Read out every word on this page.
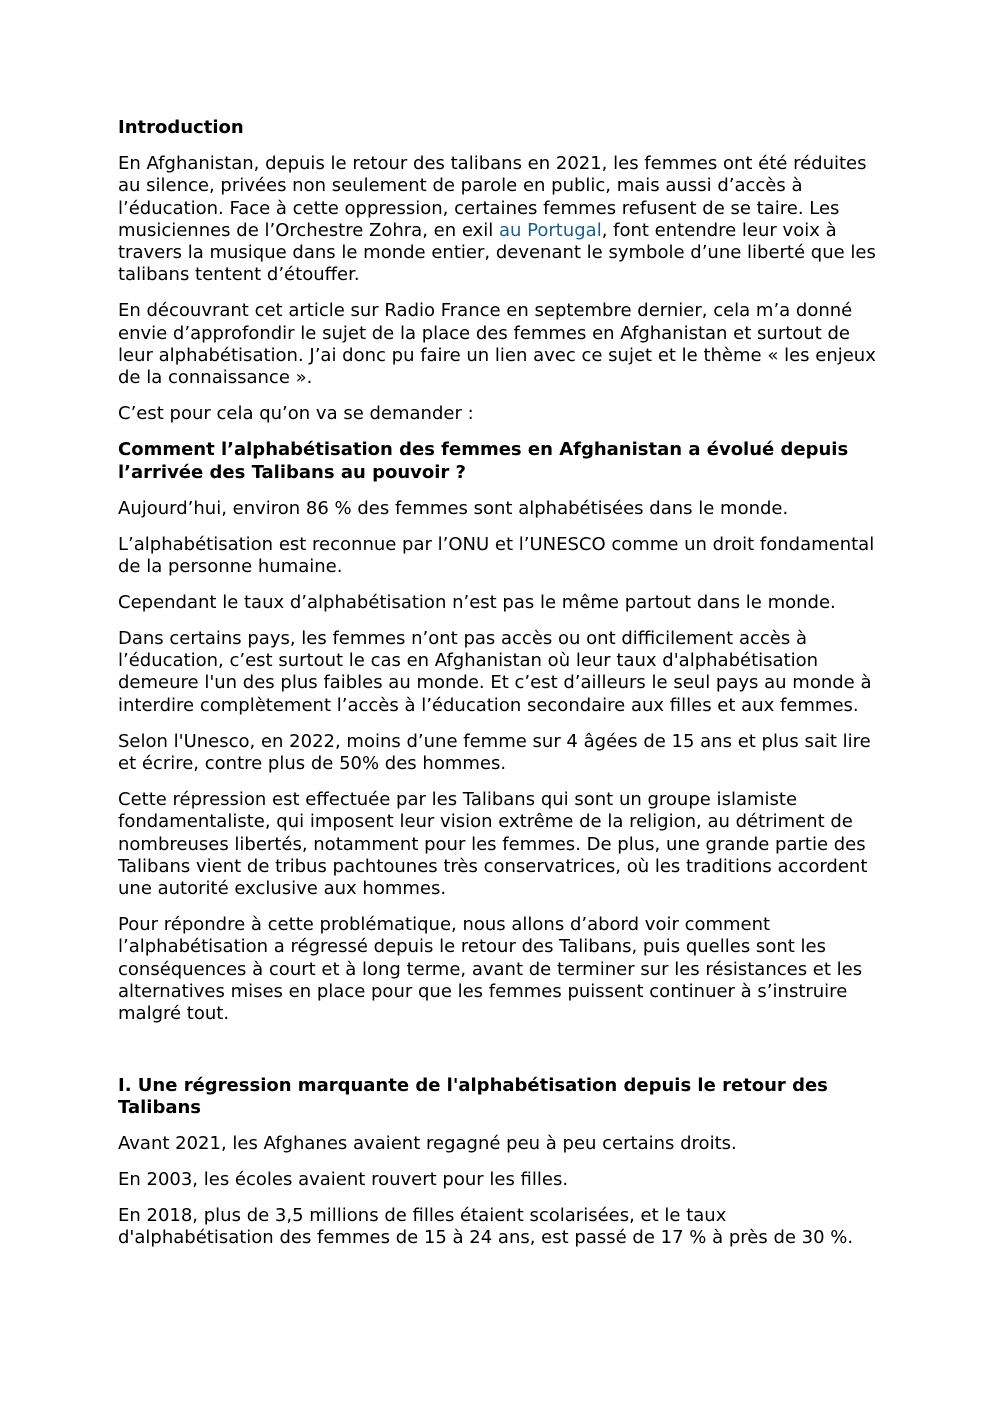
Introduction

En Afghanistan, depuis le retour des talibans en 2021, les femmes ont été réduites au silence, privées non seulement de parole en public, mais aussi d’accès à l’éducation. Face à cette oppression, certaines femmes refusent de se taire. Les musiciennes de l’Orchestre Zohra, en exil au Portugal, font entendre leur voix à travers la musique dans le monde entier, devenant le symbole d’une liberté que les talibans tentent d’étouffer.

En découvrant cet article sur Radio France en septembre dernier, cela m’a donné envie d’approfondir le sujet de la place des femmes en Afghanistan et surtout de leur alphabétisation. J’ai donc pu faire un lien avec ce sujet et le thème « les enjeux de la connaissance ».

C’est pour cela qu’on va se demander :

Comment l’alphabétisation des femmes en Afghanistan a évolué depuis l’arrivée des Talibans au pouvoir ?

Aujourd’hui, environ 86 % des femmes sont alphabétisées dans le monde.

L’alphabétisation est reconnue par l’ONU et l’UNESCO comme un droit fondamental de la personne humaine.

Cependant le taux d’alphabétisation n’est pas le même partout dans le monde.

Dans certains pays, les femmes n’ont pas accès ou ont difficilement accès à l’éducation, c’est surtout le cas en Afghanistan où leur taux d'alphabétisation demeure l'un des plus faibles au monde. Et c’est d’ailleurs le seul pays au monde à interdire complètement l’accès à l’éducation secondaire aux filles et aux femmes.

Selon l'Unesco, en 2022, moins d’une femme sur 4 âgées de 15 ans et plus sait lire et écrire, contre plus de 50% des hommes.

Cette répression est effectuée par les Talibans qui sont un groupe islamiste fondamentaliste, qui imposent leur vision extrême de la religion, au détriment de nombreuses libertés, notamment pour les femmes. De plus, une grande partie des Talibans vient de tribus pachtounes très conservatrices, où les traditions accordent une autorité exclusive aux hommes.

Pour répondre à cette problématique, nous allons d’abord voir comment l’alphabétisation a régressé depuis le retour des Talibans, puis quelles sont les conséquences à court et à long terme, avant de terminer sur les résistances et les alternatives mises en place pour que les femmes puissent continuer à s’instruire malgré tout.

I. Une régression marquante de l'alphabétisation depuis le retour des Talibans

Avant 2021, les Afghanes avaient regagné peu à peu certains droits.

En 2003, les écoles avaient rouvert pour les filles.

En 2018, plus de 3,5 millions de filles étaient scolarisées, et le taux d'alphabétisation des femmes de 15 à 24 ans, est passé de 17 % à près de 30 %.
